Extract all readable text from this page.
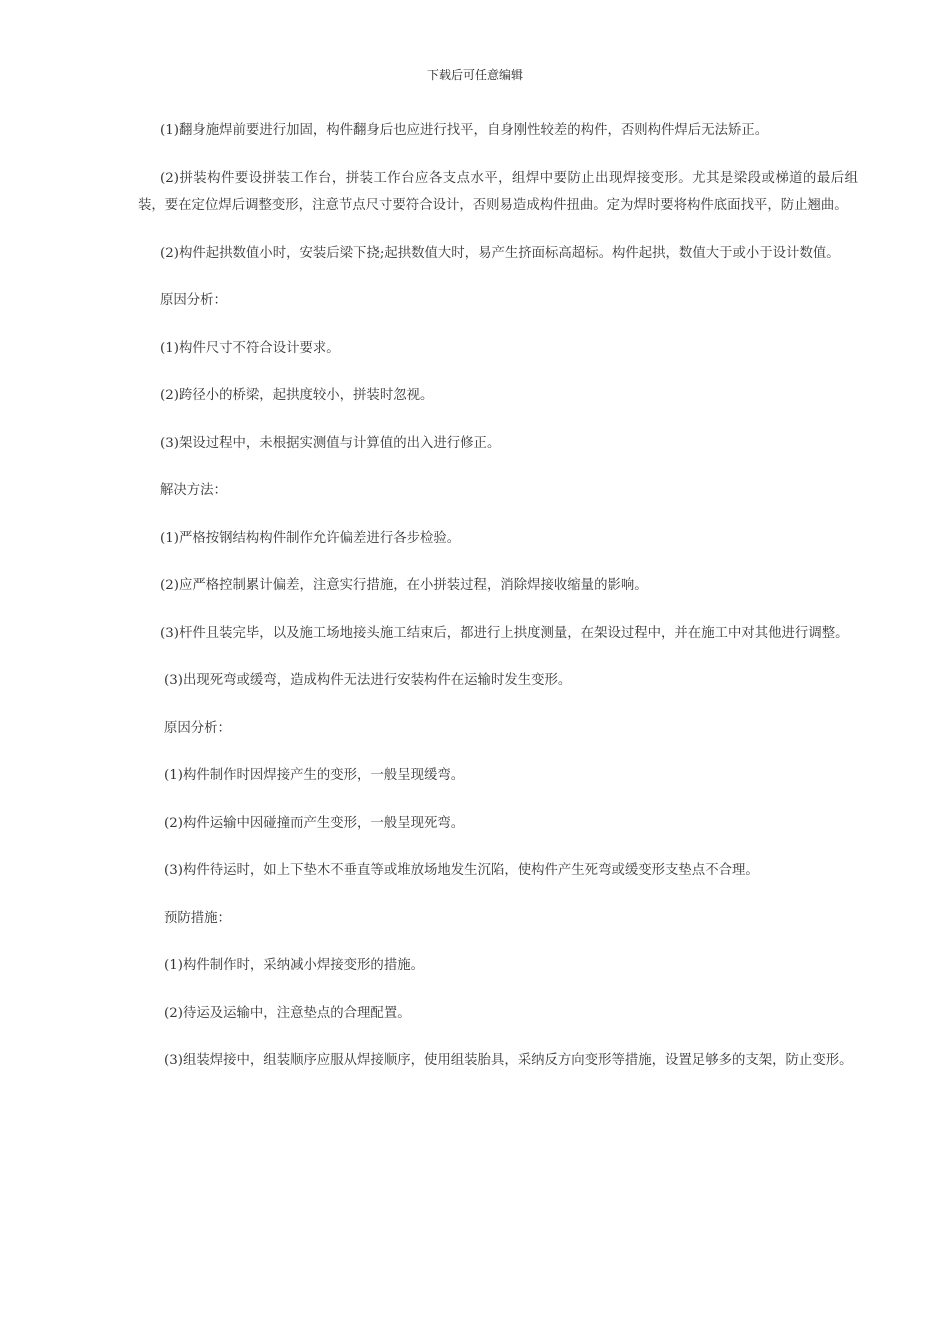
下载后可任意编辑

(1)翻身施焊前要进行加固，构件翻身后也应进行找平，自身刚性较差的构件，否则构件焊后无法矫正。

(2)拼装构件要设拼装工作台，拼装工作台应各支点水平，组焊中要防止出现焊接变形。尤其是梁段或梯道的最后组装，要在定位焊后调整变形，注意节点尺寸要符合设计，否则易造成构件扭曲。定为焊时要将构件底面找平，防止翘曲。

(2)构件起拱数值小时，安装后梁下挠;起拱数值大时，易产生挤面标高超标。构件起拱，数值大于或小于设计数值。

原因分析：

(1)构件尺寸不符合设计要求。

(2)跨径小的桥梁，起拱度较小，拼装时忽视。

(3)架设过程中，未根据实测值与计算值的出入进行修正。

解决方法：

(1)严格按钢结构构件制作允许偏差进行各步检验。

(2)应严格控制累计偏差，注意实行措施，在小拼装过程，消除焊接收缩量的影响。

(3)杆件且装完毕，以及施工场地接头施工结束后，都进行上拱度测量，在架设过程中，并在施工中对其他进行调整。

(3)出现死弯或缓弯，造成构件无法进行安装构件在运输时发生变形。

原因分析：

(1)构件制作时因焊接产生的变形，一般呈现缓弯。

(2)构件运输中因碰撞而产生变形，一般呈现死弯。

(3)构件待运时，如上下垫木不垂直等或堆放场地发生沉陷，使构件产生死弯或缓变形支垫点不合理。

预防措施：

(1)构件制作时，采纳减小焊接变形的措施。

(2)待运及运输中，注意垫点的合理配置。

(3)组装焊接中，组装顺序应服从焊接顺序，使用组装胎具，采纳反方向变形等措施，设置足够多的支架，防止变形。
